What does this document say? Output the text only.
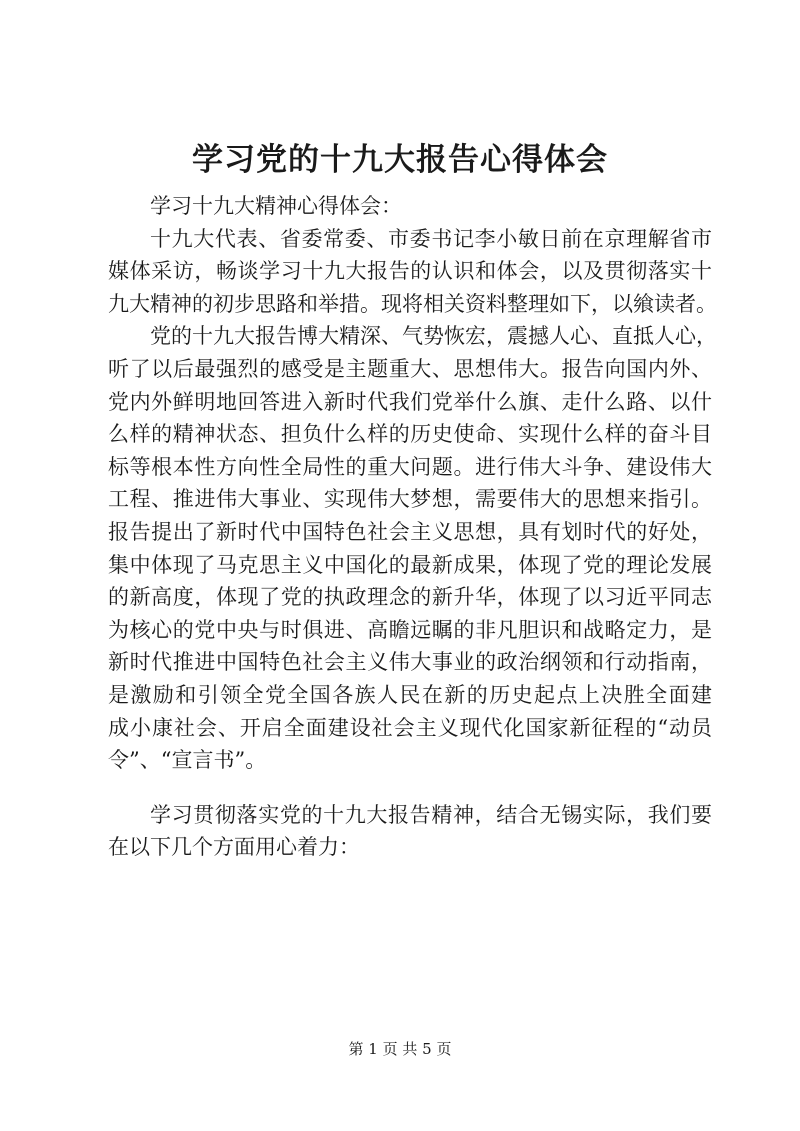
学习党的十九大报告心得体会
学习十九大精神心得体会：
十九大代表、省委常委、市委书记李小敏日前在京理解省市
媒体采访，畅谈学习十九大报告的认识和体会，以及贯彻落实十
九大精神的初步思路和举措。现将相关资料整理如下，以飨读者。
党的十九大报告博大精深、气势恢宏，震撼人心、直抵人心，
听了以后最强烈的感受是主题重大、思想伟大。报告向国内外、
党内外鲜明地回答进入新时代我们党举什么旗、走什么路、以什
么样的精神状态、担负什么样的历史使命、实现什么样的奋斗目
标等根本性方向性全局性的重大问题。进行伟大斗争、建设伟大
工程、推进伟大事业、实现伟大梦想，需要伟大的思想来指引。
报告提出了新时代中国特色社会主义思想，具有划时代的好处，
集中体现了马克思主义中国化的最新成果，体现了党的理论发展
的新高度，体现了党的执政理念的新升华，体现了以习近平同志
为核心的党中央与时俱进、高瞻远瞩的非凡胆识和战略定力，是
新时代推进中国特色社会主义伟大事业的政治纲领和行动指南，
是激励和引领全党全国各族人民在新的历史起点上决胜全面建
成小康社会、开启全面建设社会主义现代化国家新征程的“动员
令”、“宣言书”。
学习贯彻落实党的十九大报告精神，结合无锡实际，我们要
在以下几个方面用心着力：
第 1 页 共 5 页
